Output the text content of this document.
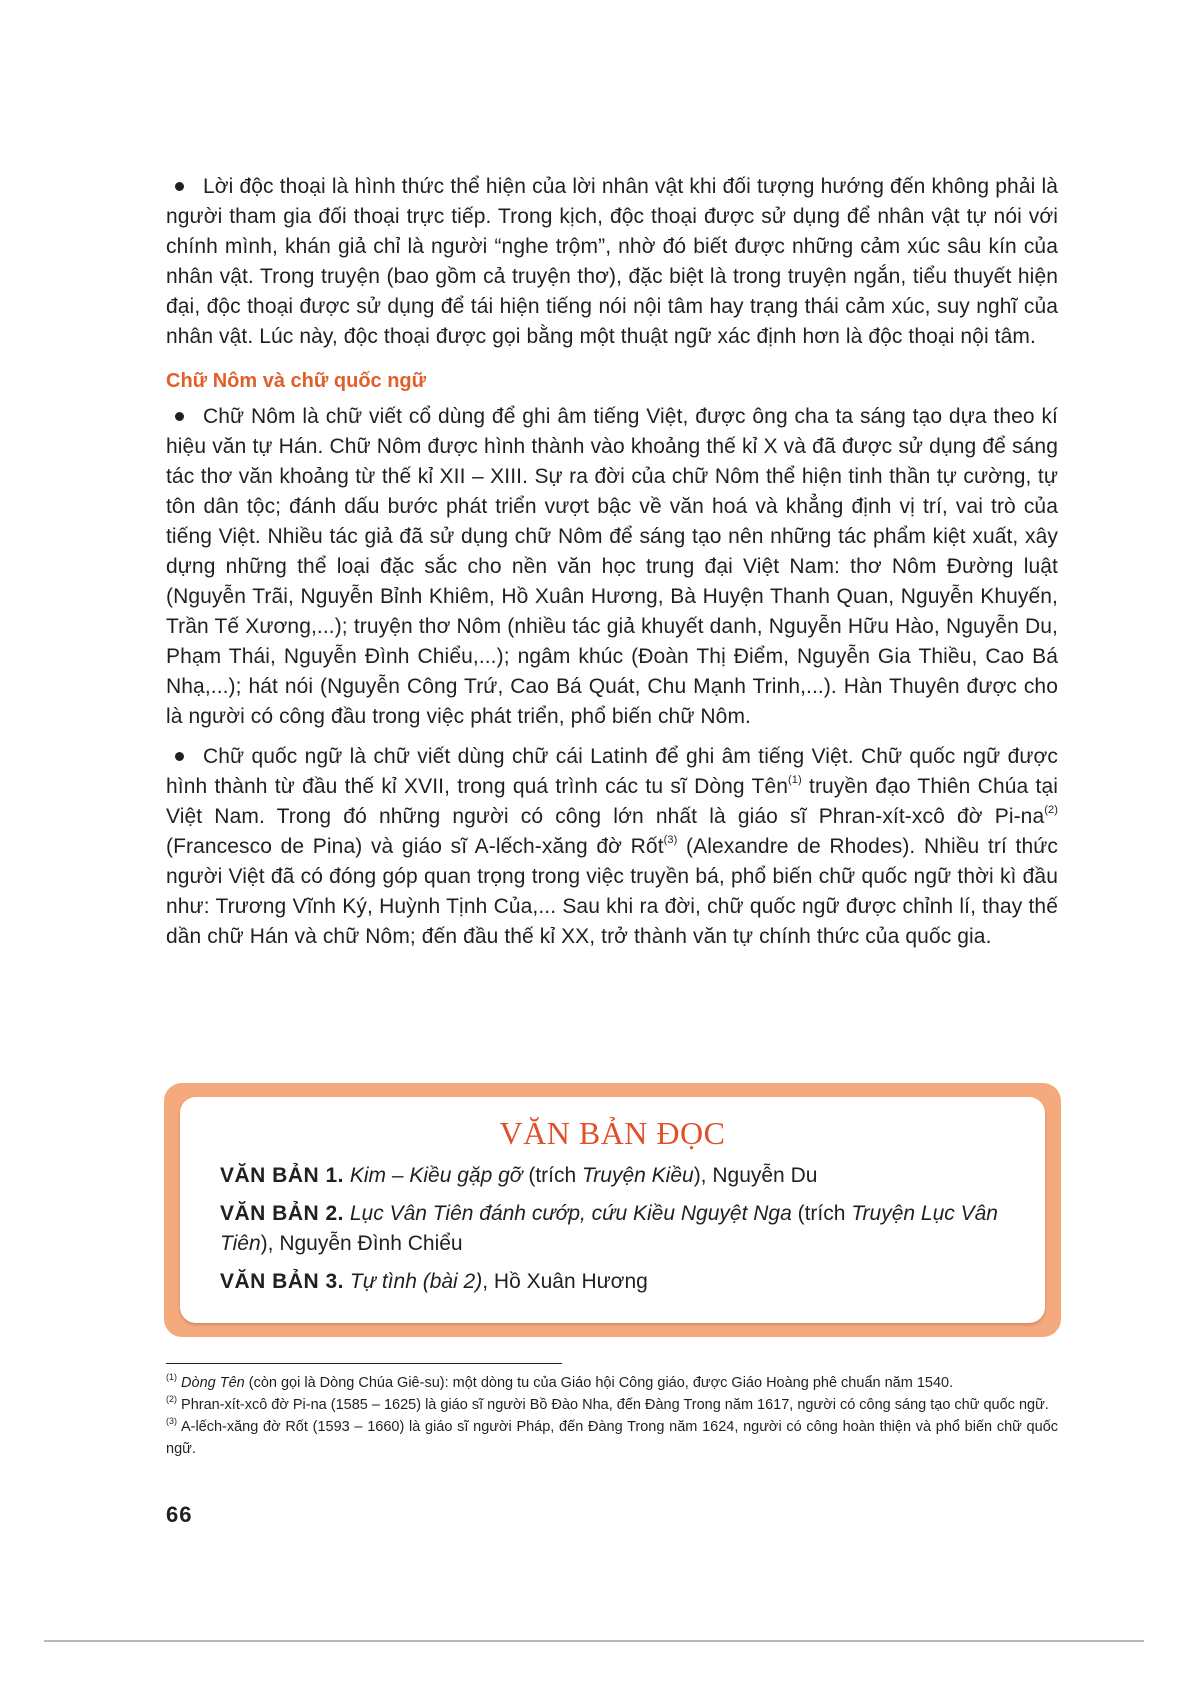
Lời độc thoại là hình thức thể hiện của lời nhân vật khi đối tượng hướng đến không phải là người tham gia đối thoại trực tiếp. Trong kịch, độc thoại được sử dụng để nhân vật tự nói với chính mình, khán giả chỉ là người “nghe trộm”, nhờ đó biết được những cảm xúc sâu kín của nhân vật. Trong truyện (bao gồm cả truyện thơ), đặc biệt là trong truyện ngắn, tiểu thuyết hiện đại, độc thoại được sử dụng để tái hiện tiếng nói nội tâm hay trạng thái cảm xúc, suy nghĩ của nhân vật. Lúc này, độc thoại được gọi bằng một thuật ngữ xác định hơn là độc thoại nội tâm.

Chữ Nôm và chữ quốc ngữ

Chữ Nôm là chữ viết cổ dùng để ghi âm tiếng Việt, được ông cha ta sáng tạo dựa theo kí hiệu văn tự Hán. Chữ Nôm được hình thành vào khoảng thế kỉ X và đã được sử dụng để sáng tác thơ văn khoảng từ thế kỉ XII – XIII. Sự ra đời của chữ Nôm thể hiện tinh thần tự cường, tự tôn dân tộc; đánh dấu bước phát triển vượt bậc về văn hoá và khẳng định vị trí, vai trò của tiếng Việt. Nhiều tác giả đã sử dụng chữ Nôm để sáng tạo nên những tác phẩm kiệt xuất, xây dựng những thể loại đặc sắc cho nền văn học trung đại Việt Nam: thơ Nôm Đường luật (Nguyễn Trãi, Nguyễn Bỉnh Khiêm, Hồ Xuân Hương, Bà Huyện Thanh Quan, Nguyễn Khuyến, Trần Tế Xương,...); truyện thơ Nôm (nhiều tác giả khuyết danh, Nguyễn Hữu Hào, Nguyễn Du, Phạm Thái, Nguyễn Đình Chiểu,...); ngâm khúc (Đoàn Thị Điểm, Nguyễn Gia Thiều, Cao Bá Nhạ,...); hát nói (Nguyễn Công Trứ, Cao Bá Quát, Chu Mạnh Trinh,...). Hàn Thuyên được cho là người có công đầu trong việc phát triển, phổ biến chữ Nôm.

Chữ quốc ngữ là chữ viết dùng chữ cái Latinh để ghi âm tiếng Việt. Chữ quốc ngữ được hình thành từ đầu thế kỉ XVII, trong quá trình các tu sĩ Dòng Tên$^{(1)}$ truyền đạo Thiên Chúa tại Việt Nam. Trong đó những người có công lớn nhất là giáo sĩ Phran-xít-xcô đờ $Pi-na^{(2)}$ (Francesco de Pina) và giáo sĩ A-lếch-xăng đờ Rốt$^{(3)}$ (Alexandre de Rhodes). Nhiều trí thức người Việt đã có đóng góp quan trọng trong việc truyền bá, phổ biến chữ quốc ngữ thời kì đầu như: Trương Vĩnh Ký, Huỳnh Tịnh Của,... Sau khi ra đời, chữ quốc ngữ được chỉnh lí, thay thế dần chữ Hán và chữ Nôm; đến đầu thế kỉ XX, trở thành văn tự chính thức của quốc gia.

VĂN BẢN ĐỌC

VĂN BẢN 1. Kim – Kiều gặp gỡ (trích Truyện Kiều), Nguyễn Du

VĂN BẢN 2. Lục Vân Tiên đánh cướp, cứu Kiều Nguyệt Nga (trích Truyện Lục Vân Tiên), Nguyễn Đình Chiểu

VĂN BẢN 3. Tự tình (bài 2), Hồ Xuân Hương

$^{(1)}$ Dòng Tên (còn gọi là Dòng Chúa Giê-su): một dòng tu của Giáo hội Công giáo, được Giáo Hoàng phê chuẩn năm 1540.

$^{(2)}$ Phran-xít-xcô đờ Pi-na (1585 – 1625) là giáo sĩ người Bồ Đào Nha, đến Đàng Trong năm 1617, người có công sáng tạo chữ quốc ngữ.

$^{(3)}$ A-lếch-xăng đờ Rốt (1593 – 1660) là giáo sĩ người Pháp, đến Đàng Trong năm 1624, người có công hoàn thiện và phổ biến chữ quốc ngữ.

66
